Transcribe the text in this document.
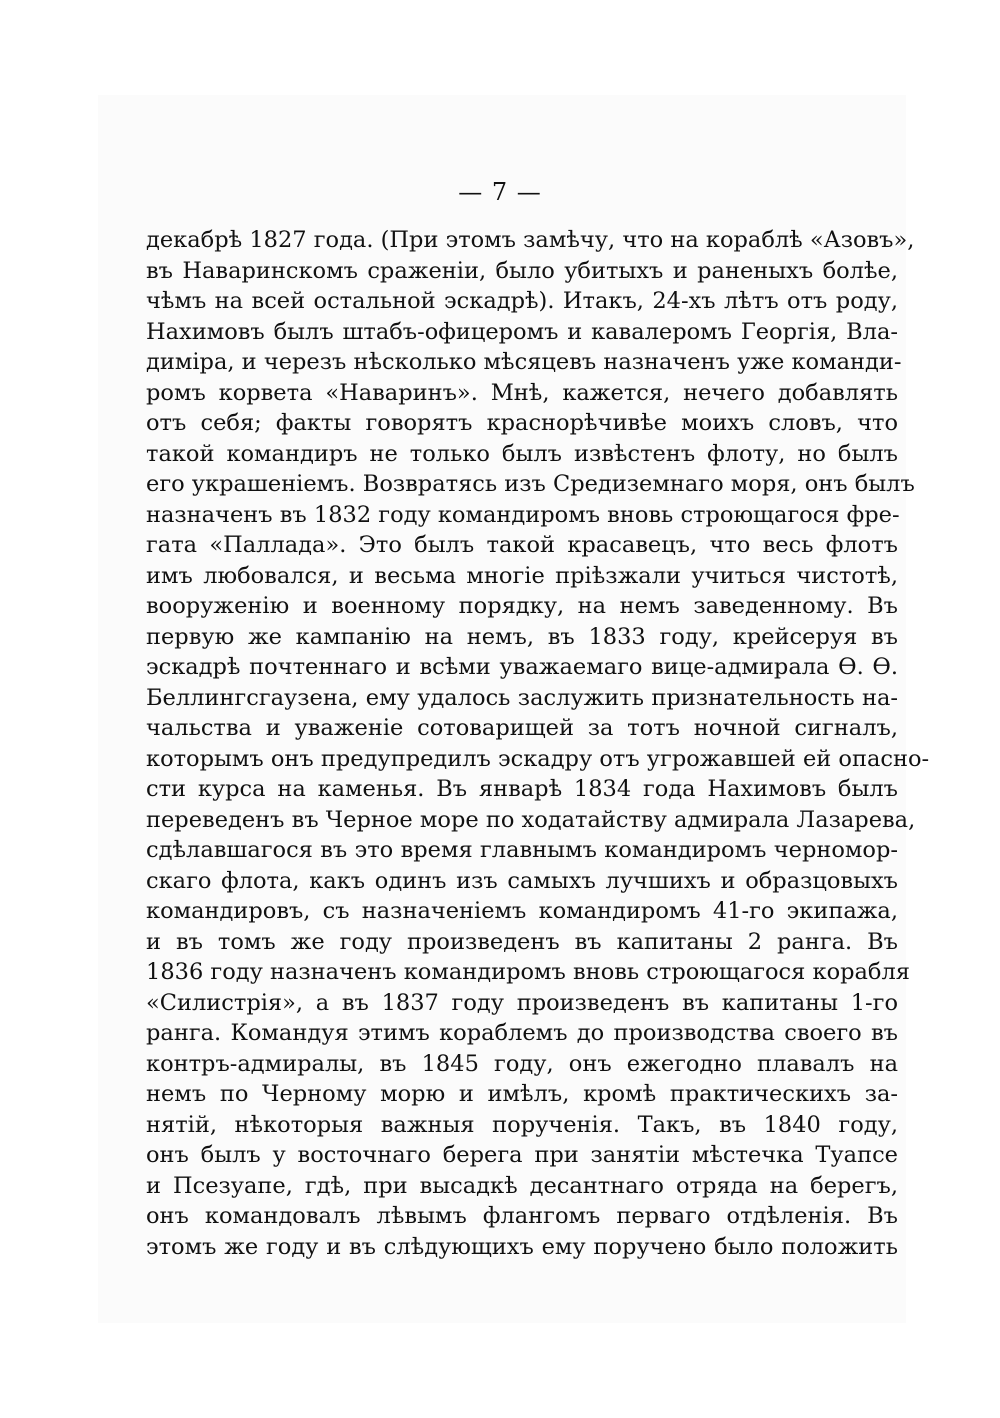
— 7 —
декабрѣ 1827 года. (При этомъ замѣчу, что на кораблѣ «Азовъ»,
въ Наваринскомъ сраженіи, было убитыхъ и раненыхъ болѣе,
чѣмъ на всей остальной эскадрѣ). Итакъ, 24-хъ лѣтъ отъ роду,
Нахимовъ былъ штабъ-офицеромъ и кавалеромъ Георгія, Вла-
диміра, и черезъ нѣсколько мѣсяцевъ назначенъ уже команди-
ромъ корвета «Наваринъ». Мнѣ, кажется, нечего добавлять
отъ себя; факты говорятъ краснорѣчивѣе моихъ словъ, что
такой командиръ не только былъ извѣстенъ флоту, но былъ
его украшеніемъ. Возвратясь изъ Средиземнаго моря, онъ былъ
назначенъ въ 1832 году командиромъ вновь строющагося фре-
гата «Паллада». Это былъ такой красавецъ, что весь флотъ
имъ любовался, и весьма многіе пріѣзжали учиться чистотѣ,
вооруженію и военному порядку, на немъ заведенному. Въ
первую же кампанію на немъ, въ 1833 году, крейсеруя въ
эскадрѣ почтеннаго и всѣми уважаемаго вице-адмирала Ѳ. Ѳ.
Беллингсгаузена, ему удалось заслужить признательность на-
чальства и уваженіе сотоварищей за тотъ ночной сигналъ,
которымъ онъ предупредилъ эскадру отъ угрожавшей ей опасно-
сти курса на каменья. Въ январѣ 1834 года Нахимовъ былъ
переведенъ въ Черное море по ходатайству адмирала Лазарева,
сдѣлавшагося въ это время главнымъ командиромъ черномор-
скаго флота, какъ одинъ изъ самыхъ лучшихъ и образцовыхъ
командировъ, съ назначеніемъ командиромъ 41-го экипажа,
и въ томъ же году произведенъ въ капитаны 2 ранга. Въ
1836 году назначенъ командиромъ вновь строющагося корабля
«Силистрія», а въ 1837 году произведенъ въ капитаны 1-го
ранга. Командуя этимъ кораблемъ до производства своего въ
контръ-адмиралы, въ 1845 году, онъ ежегодно плавалъ на
немъ по Черному морю и имѣлъ, кромѣ практическихъ за-
нятій, нѣкоторыя важныя порученія. Такъ, въ 1840 году,
онъ былъ у восточнаго берега при занятіи мѣстечка Туапсе
и Псезуапе, гдѣ, при высадкѣ десантнаго отряда на берегъ,
онъ командовалъ лѣвымъ флангомъ перваго отдѣленія. Въ
этомъ же году и въ слѣдующихъ ему поручено было положить
